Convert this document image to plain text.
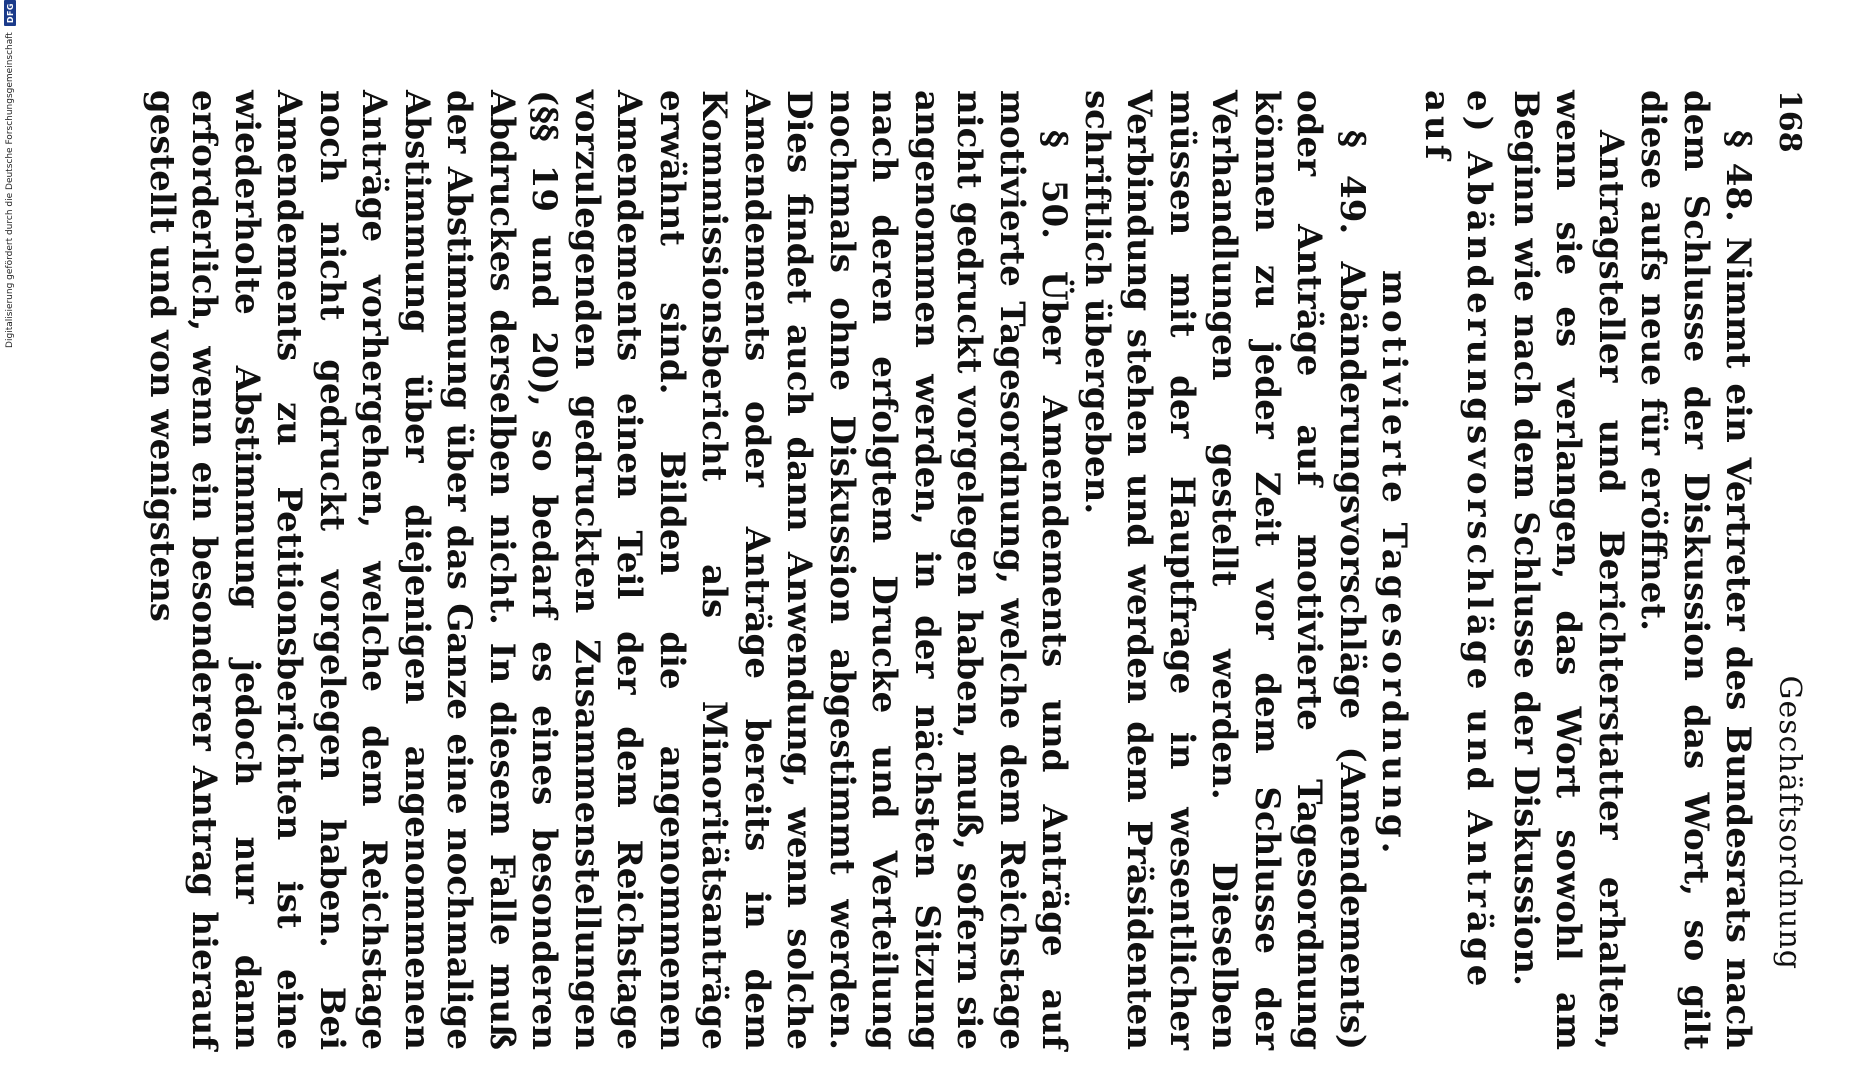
Digitalisierung gefördert durch die Deutsche Forschungsgemeinschaft
DFG
168
Geschäftsordnung

§ 48. Nimmt ein Vertreter des Bundesrats nach dem Schlusse der Diskussion das Wort, so gilt diese aufs neue für eröffnet.

Antragsteller und Berichterstatter erhalten, wenn sie es verlangen, das Wort sowohl am Beginn wie nach dem Schlusse der Diskussion.

e) Abänderungsvorschläge und Anträge auf
motivierte Tagesordnung.

§ 49. Abänderungsvorschläge (Amendements) oder Anträge auf motivierte Tagesordnung können zu jeder Zeit vor dem Schlusse der Verhandlungen gestellt werden. Dieselben müssen mit der Hauptfrage in wesentlicher Verbindung stehen und werden dem Präsidenten schriftlich übergeben.

§ 50. Über Amendements und Anträge auf motivierte Tagesordnung, welche dem Reichstage nicht gedruckt vorgelegen haben, muß, sofern sie angenommen werden, in der nächsten Sitzung nach deren erfolgtem Drucke und Verteilung nochmals ohne Diskussion abgestimmt werden. Dies findet auch dann Anwendung, wenn solche Amendements oder Anträge bereits in dem Kommissionsbericht als Minoritätsanträge erwähnt sind. Bilden die angenommenen Amendements einen Teil der dem Reichstage vorzulegenden gedruckten Zusammenstellungen (§§ 19 und 20), so bedarf es eines besonderen Abdruckes derselben nicht. In diesem Falle muß der Abstimmung über das Ganze eine nochmalige Abstimmung über diejenigen angenommenen Anträge vorhergehen, welche dem Reichstage noch nicht gedruckt vorgelegen haben. Bei Amendements zu Petitionsberichten ist eine wiederholte Abstimmung jedoch nur dann erforderlich, wenn ein besonderer Antrag hierauf gestellt und von wenigstens
